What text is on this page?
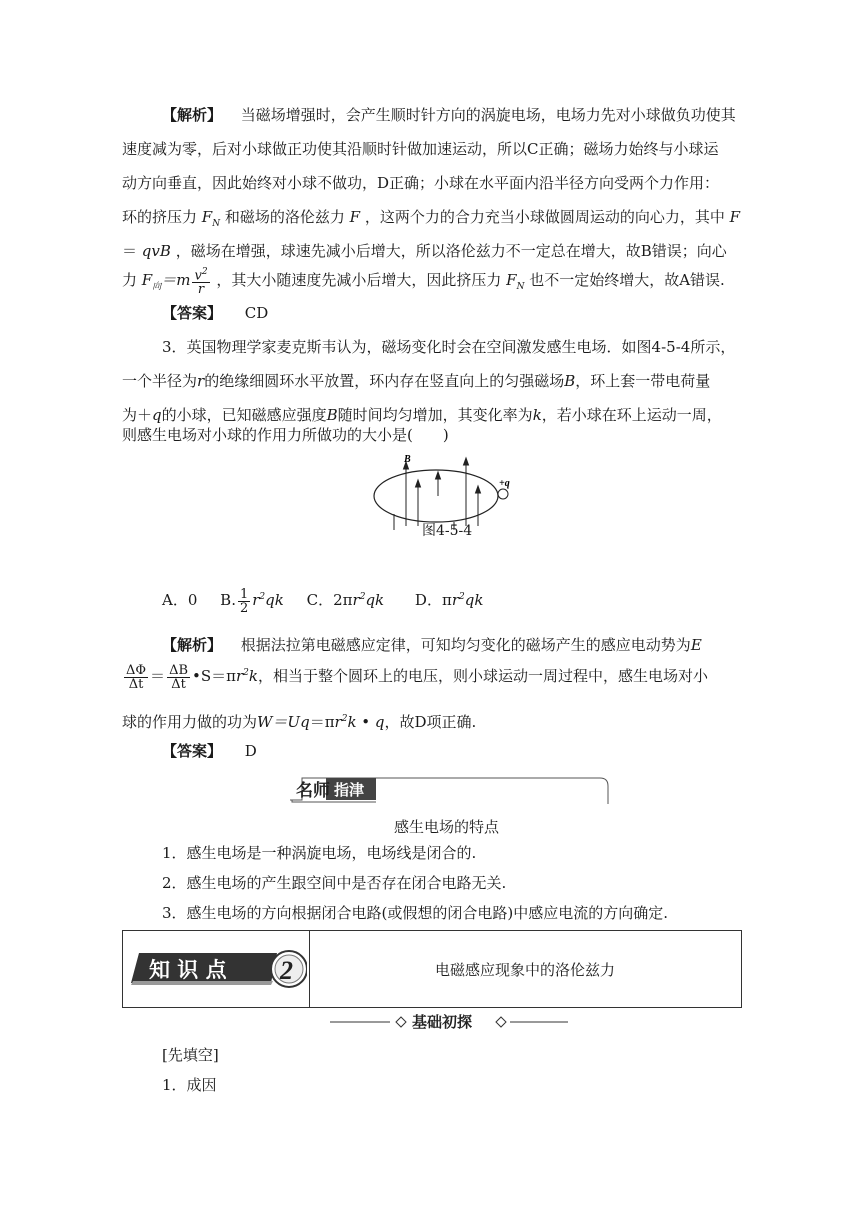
【解析】 当磁场增强时，会产生顺时针方向的涡旋电场，电场力先对小球做负功使其
速度减为零，后对小球做正功使其沿顺时针做加速运动，所以C正确；磁场力始终与小球运
动方向垂直，因此始终对小球不做功，D正确；小球在水平面内沿半径方向受两个力作用：
环的挤压力 $F_N$ 和磁场的洛伦兹力 F ，这两个力的合力充当小球做圆周运动的向心力，其中 F
＝ qvB ，磁场在增强，球速先减小后增大，所以洛伦兹力不一定总在增大，故B错误；向心
力 $F_向=m \frac{v^2}{r}$ ，其大小随速度先减小后增大，因此挤压力 $F_N$ 也不一定始终增大，故A错误.
【答案】 CD
3．英国物理学家麦克斯韦认为，磁场变化时会在空间激发感生电场．如图4-5-4所示，
一个半径为r的绝缘细圆环水平放置，环内存在竖直向上的匀强磁场B，环上套一带电荷量
为＋q的小球，已知磁感应强度B随时间均匀增加，其变化率为k，若小球在环上运动一周，
则感生电场对小球的作用力所做功的大小是(　　)
B
+q
图4-5-4
A．0 B. $\frac{1}{2} r^2qk$ C．$2\pi r^2qk$ D．$\pi r^2qk$
【解析】 根据法拉第电磁感应定律，可知均匀变化的磁场产生的感应电动势为E
$\frac{\Delta\Phi}{\Delta t} = \frac{\Delta B}{\Delta t}$ $•S=\pi r^2k$，相当于整个圆环上的电压，则小球运动一周过程中，感生电场对小
球的作用力做的功为$W=Uq=\pi r^2k$ • q，故D项正确.
【答案】 D
名师 指津
感生电场的特点
1．感生电场是一种涡旋电场，电场线是闭合的.
2．感生电场的产生跟空间中是否存在闭合电路无关.
3．感生电场的方向根据闭合电路(或假想的闭合电路)中感应电流的方向确定.
知 识 点 2	电磁感应现象中的洛伦兹力
基础初探
[先填空]
1．成因
